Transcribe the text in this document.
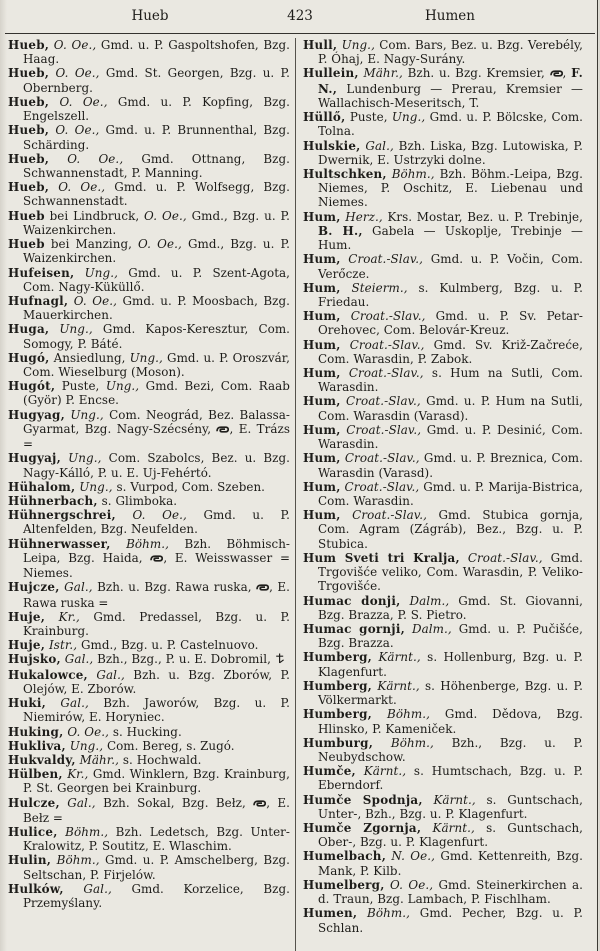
Hueb	423	Humen

Hueb, O. Oe., Gmd. u. P. Gaspoltshofen, Bzg. Haag.

Hueb, O. Oe., Gmd. St. Georgen, Bzg. u. P. Obernberg.

Hueb, O. Oe., Gmd. u. P. Kopfing, Bzg. Engelszell.

Hueb, O. Oe., Gmd. u. P. Brunnenthal, Bzg. Schärding.

Hueb, O. Oe., Gmd. Ottnang, Bzg. Schwannenstadt, P. Manning.

Hueb, O. Oe., Gmd. u. P. Wolfsegg, Bzg. Schwannenstadt.

Hueb bei Lindbruck, O. Oe., Gmd., Bzg. u. P. Waizenkirchen.

Hueb bei Manzing, O. Oe., Gmd., Bzg. u. P. Waizenkirchen.

Hufeisen, Ung., Gmd. u. P. Szent-Agota, Com. Nagy-Küküllő.

Hufnagl, O. Oe., Gmd. u. P. Moosbach, Bzg. Mauerkirchen.

Huga, Ung., Gmd. Kapos-Keresztur, Com. Somogy, P. Báté.

Hugó, Ansiedlung, Ung., Gmd. u. P. Oroszvár, Com. Wieselburg (Moson).

Hugót, Puste, Ung., Gmd. Bezi, Com. Raab (Györ) P. Encse.

Hugyag, Ung., Com. Neográd, Bez. Balassa-Gyarmat, Bzg. Nagy-Szécsény, , E. Trázs =

Hugyaj, Ung., Com. Szabolcs, Bez. u. Bzg. Nagy-Kálló, P. u. E. Uj-Fehértó.

Hühalom, Ung., s. Vurpod, Com. Szeben.

Hühnerbach, s. Glimboka.

Hühnergschrei, O. Oe., Gmd. u. P. Altenfelden, Bzg. Neufelden.

Hühnerwasser, Böhm., Bzh. Böhmisch-Leipa, Bzg. Haida, , E. Weisswasser = Niemes.

Hujcze, Gal., Bzh. u. Bzg. Rawa ruska, , E. Rawa ruska =

Huje, Kr., Gmd. Predassel, Bzg. u. P. Krainburg.

Huje, Istr., Gmd., Bzg. u. P. Castelnuovo.

Hujsko, Gal., Bzh., Bzg., P. u. E. Dobromil,

Hukalowce, Gal., Bzh. u. Bzg. Zborów, P. Olejów, E. Zborów.

Huki, Gal., Bzh. Jaworów, Bzg. u. P. Niemirów, E. Horyniec.

Huking, O. Oe., s. Hucking.

Hukliva, Ung., Com. Bereg, s. Zugó.

Hukvaldy, Mähr., s. Hochwald.

Hülben, Kr., Gmd. Winklern, Bzg. Krainburg, P. St. Georgen bei Krainburg.

Hulcze, Gal., Bzh. Sokal, Bzg. Bełz, , E. Bełz =

Hulice, Böhm., Bzh. Ledetsch, Bzg. Unter-Kralowitz, P. Soutitz, E. Wlaschim.

Hulin, Böhm., Gmd. u. P. Amschelberg, Bzg. Seltschan, P. Firjelów.

Hulków, Gal., Gmd. Korzelice, Bzg. Przemyślany.

Hull, Ung., Com. Bars, Bez. u. Bzg. Verebély, P. Óhaj, E. Nagy-Surány.

Hullein, Mähr., Bzh. u. Bzg. Kremsier, , F. N., Lundenburg — Prerau, Kremsier — Wallachisch-Meseritsch, T.

Hüllő, Puste, Ung., Gmd. u. P. Bölcske, Com. Tolna.

Hulskie, Gal., Bzh. Liska, Bzg. Lutowiska, P. Dwernik, E. Ustrzyki dolne.

Hultschken, Böhm., Bzh. Böhm.-Leipa, Bzg. Niemes, P. Oschitz, E. Liebenau und Niemes.

Hum, Herz., Krs. Mostar, Bez. u. P. Trebinje, B. H., Gabela — Uskoplje, Trebinje — Hum.

Hum, Croat.-Slav., Gmd. u. P. Vočin, Com. Verőcze.

Hum, Steierm., s. Kulmberg, Bzg. u. P. Friedau.

Hum, Croat.-Slav., Gmd. u. P. Sv. Petar-Orehovec, Com. Belovár-Kreuz.

Hum, Croat.-Slav., Gmd. Sv. Križ-Začreće, Com. Warasdin, P. Zabok.

Hum, Croat.-Slav., s. Hum na Sutli, Com. Warasdin.

Hum, Croat.-Slav., Gmd. u. P. Hum na Sutli, Com. Warasdin (Varasd).

Hum, Croat.-Slav., Gmd. u. P. Desinić, Com. Warasdin.

Hum, Croat.-Slav., Gmd. u. P. Breznica, Com. Warasdin (Varasd).

Hum, Croat.-Slav., Gmd. u. P. Marija-Bistrica, Com. Warasdin.

Hum, Croat.-Slav., Gmd. Stubica gornja, Com. Agram (Zágráb), Bez., Bzg. u. P. Stubica.

Hum Sveti tri Kralja, Croat.-Slav., Gmd. Trgovišće veliko, Com. Warasdin, P. Veliko-Trgovišće.

Humac donji, Dalm., Gmd. St. Giovanni, Bzg. Brazza, P. S. Pietro.

Humac gornji, Dalm., Gmd. u. P. Pučišće, Bzg. Brazza.

Humberg, Kärnt., s. Hollenburg, Bzg. u. P. Klagenfurt.

Humberg, Kärnt., s. Höhenberge, Bzg. u. P. Völkermarkt.

Humberg, Böhm., Gmd. Dědova, Bzg. Hlinsko, P. Kameniček.

Humburg, Böhm., Bzh., Bzg. u. P. Neubydschow.

Humče, Kärnt., s. Humtschach, Bzg. u. P. Eberndorf.

Humče Spodnja, Kärnt., s. Guntschach, Unter-, Bzh., Bzg. u. P. Klagenfurt.

Humče Zgornja, Kärnt., s. Guntschach, Ober-, Bzg. u. P. Klagenfurt.

Humelbach, N. Oe., Gmd. Kettenreith, Bzg. Mank, P. Kilb.

Humelberg, O. Oe., Gmd. Steinerkirchen a. d. Traun, Bzg. Lambach, P. Fischlham.

Humen, Böhm., Gmd. Pecher, Bzg. u. P. Schlan.
